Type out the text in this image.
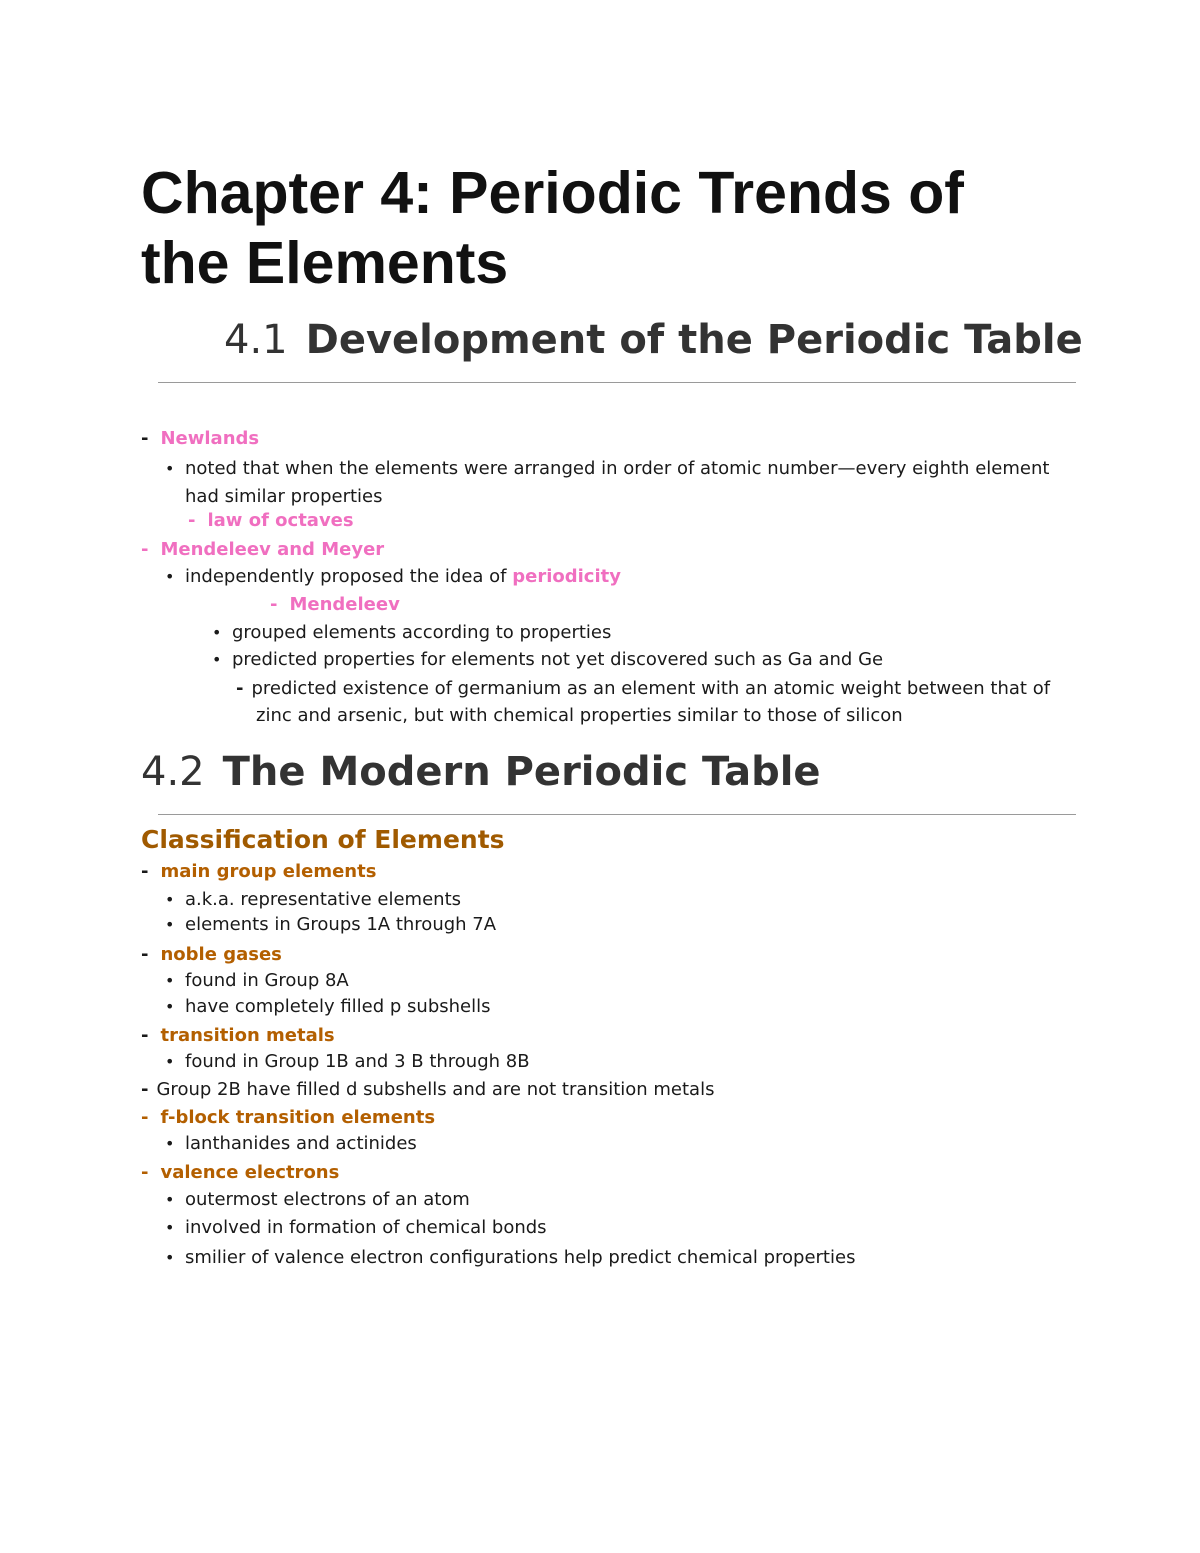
Chapter 4: Periodic Trends of
the Elements
4.1 Development of the Periodic Table
- Newlands
• noted that when the elements were arranged in order of atomic number—every eighth element
had similar properties
- law of octaves
- Mendeleev and Meyer
• independently proposed the idea of periodicity
- Mendeleev
• grouped elements according to properties
• predicted properties for elements not yet discovered such as Ga and Ge
- predicted existence of germanium as an element with an atomic weight between that of
zinc and arsenic, but with chemical properties similar to those of silicon
4.2 The Modern Periodic Table
Classification of Elements
- main group elements
• a.k.a. representative elements
• elements in Groups 1A through 7A
- noble gases
• found in Group 8A
• have completely filled p subshells
- transition metals
• found in Group 1B and 3 B through 8B
- Group 2B have filled d subshells and are not transition metals
- f-block transition elements
• lanthanides and actinides
- valence electrons
• outermost electrons of an atom
• involved in formation of chemical bonds
• smilier of valence electron configurations help predict chemical properties
